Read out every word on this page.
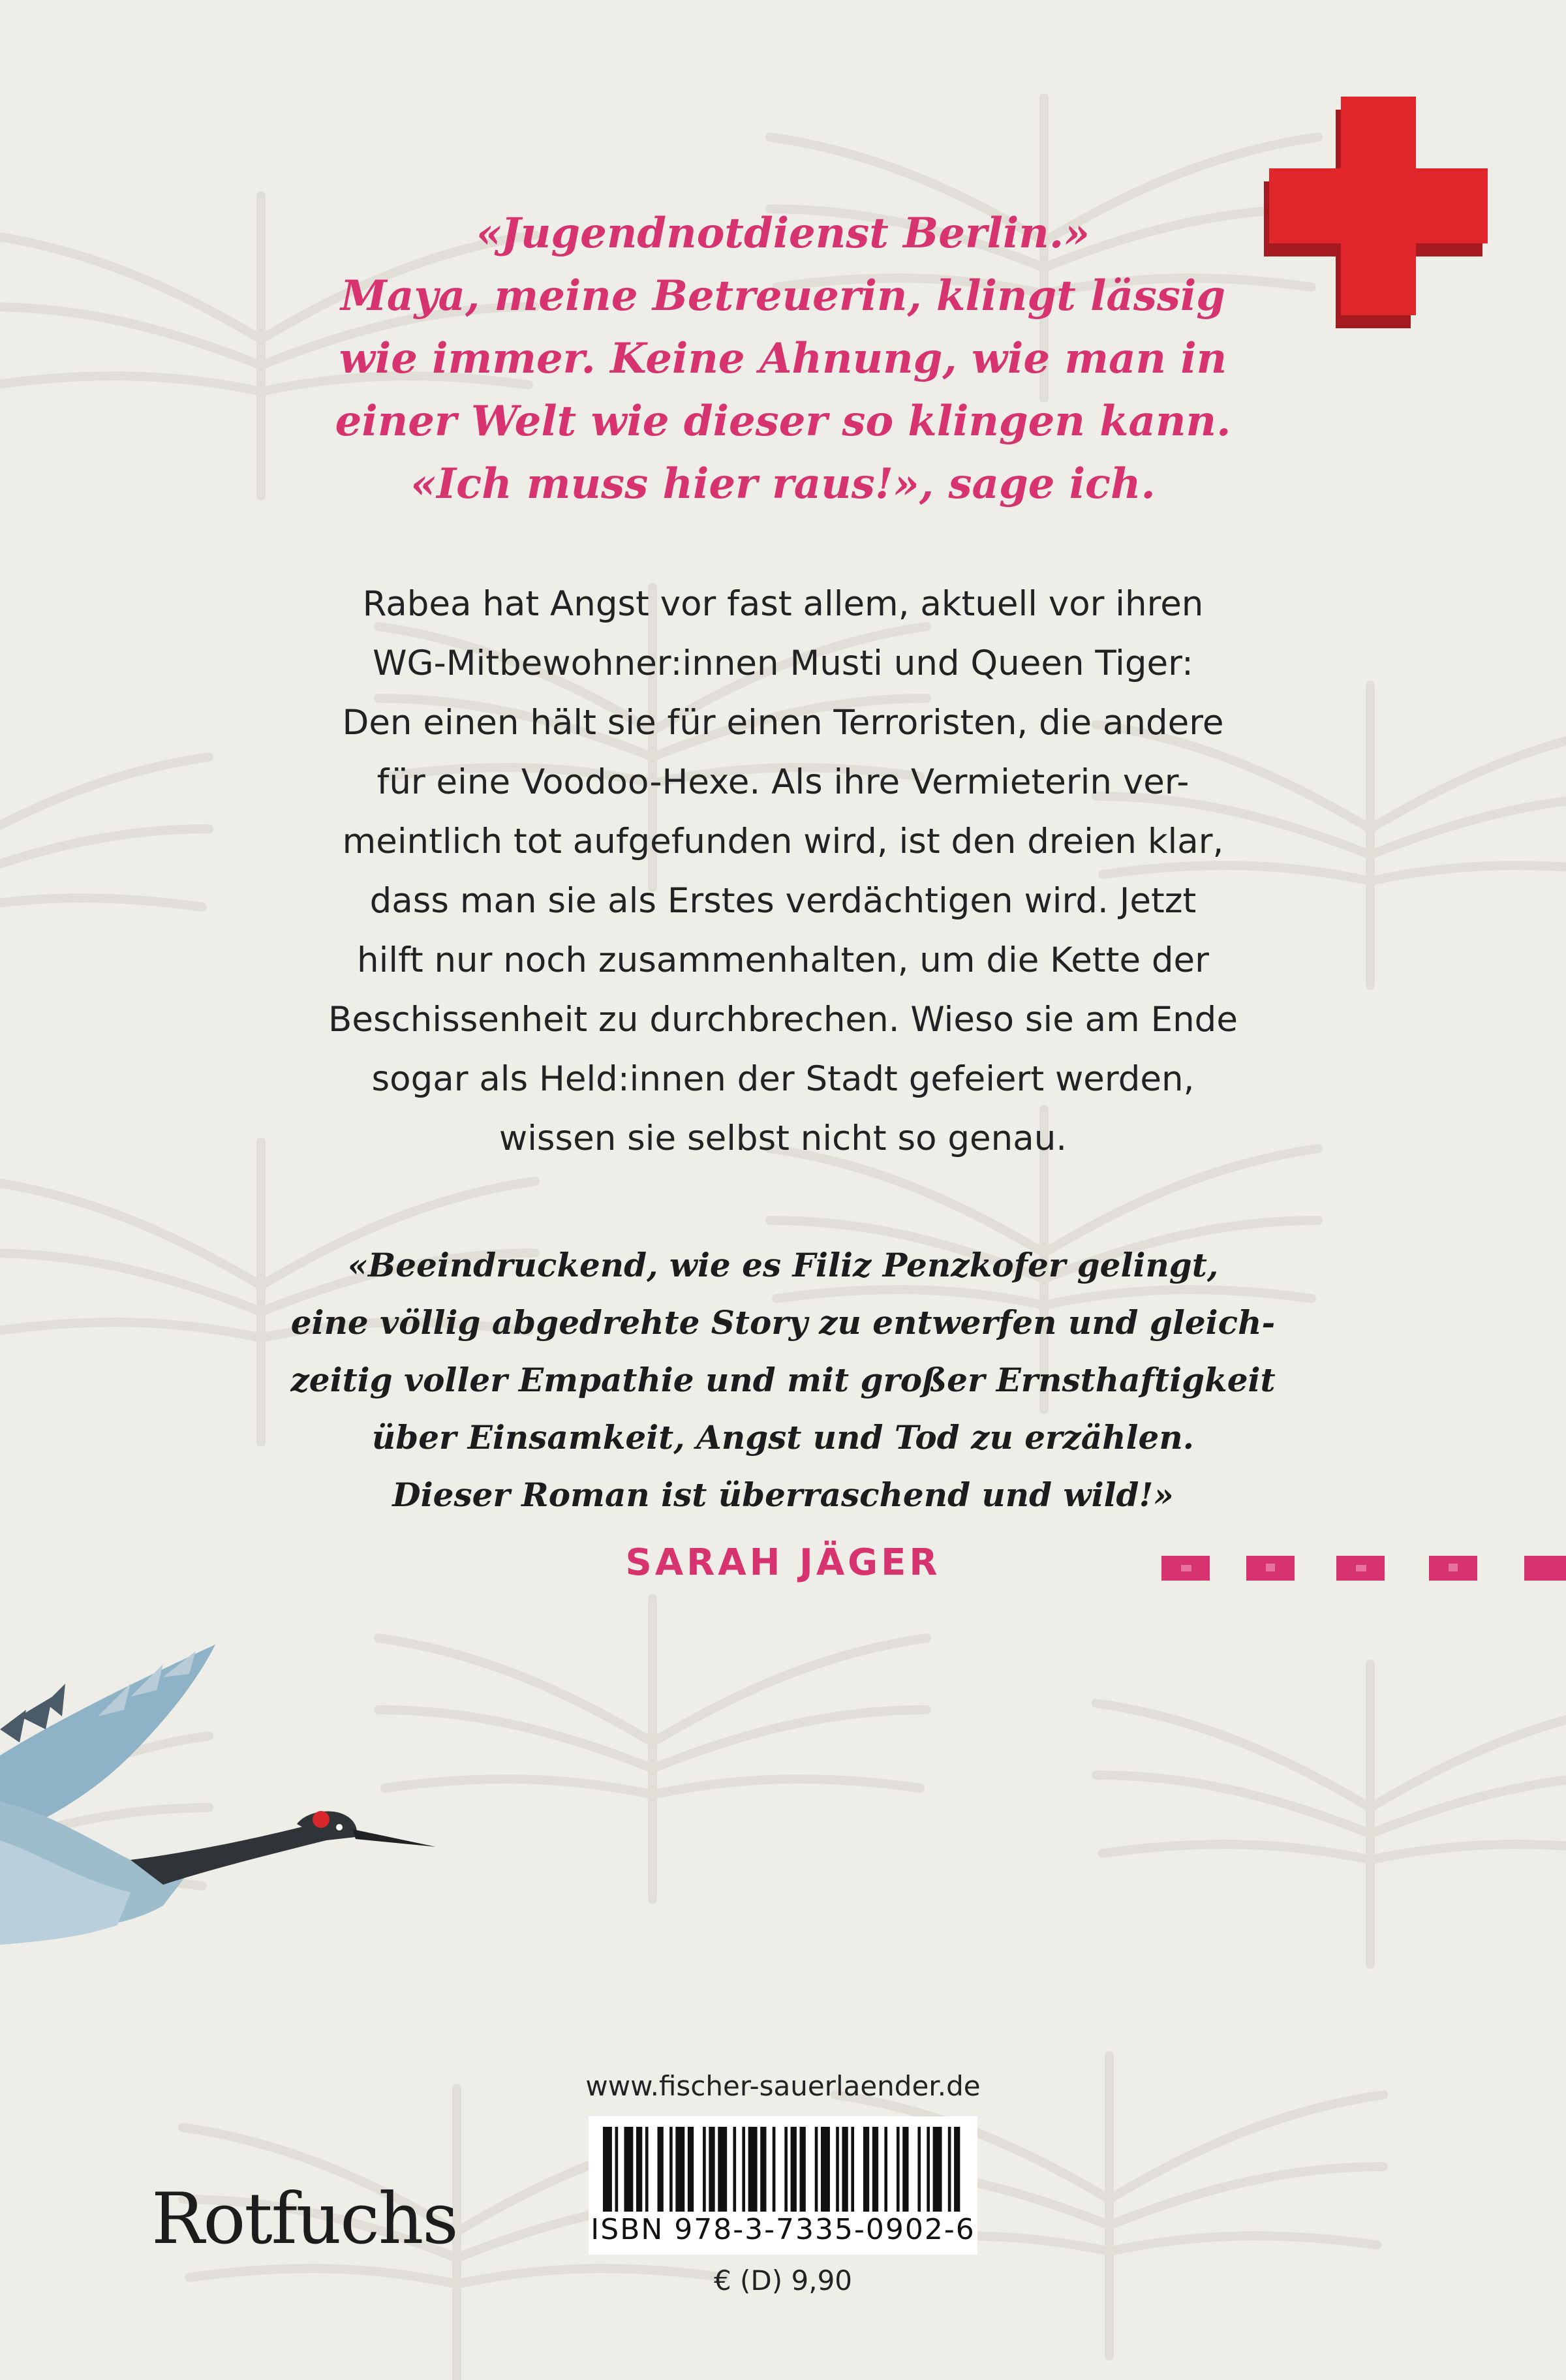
«Jugendnotdienst Berlin.»
Maya, meine Betreuerin, klingt lässig
wie immer. Keine Ahnung, wie man in
einer Welt wie dieser so klingen kann.
«Ich muss hier raus!», sage ich.
Rabea hat Angst vor fast allem, aktuell vor ihren
WG-Mitbewohner:innen Musti und Queen Tiger:
Den einen hält sie für einen Terroristen, die andere
für eine Voodoo-Hexe. Als ihre Vermieterin ver-
meintlich tot aufgefunden wird, ist den dreien klar,
dass man sie als Erstes verdächtigen wird. Jetzt
hilft nur noch zusammenhalten, um die Kette der
Beschissenheit zu durchbrechen. Wieso sie am Ende
sogar als Held:innen der Stadt gefeiert werden,
wissen sie selbst nicht so genau.
«Beeindruckend, wie es Filiz Penzkofer gelingt,
eine völlig abgedrehte Story zu entwerfen und gleich-
zeitig voller Empathie und mit großer Ernsthaftigkeit
über Einsamkeit, Angst und Tod zu erzählen.
Dieser Roman ist überraschend und wild!»
SARAH JÄGER
www.fischer-sauerlaender.de
ISBN 978-3-7335-0902-6
€ (D) 9,90
Rotfuchs
